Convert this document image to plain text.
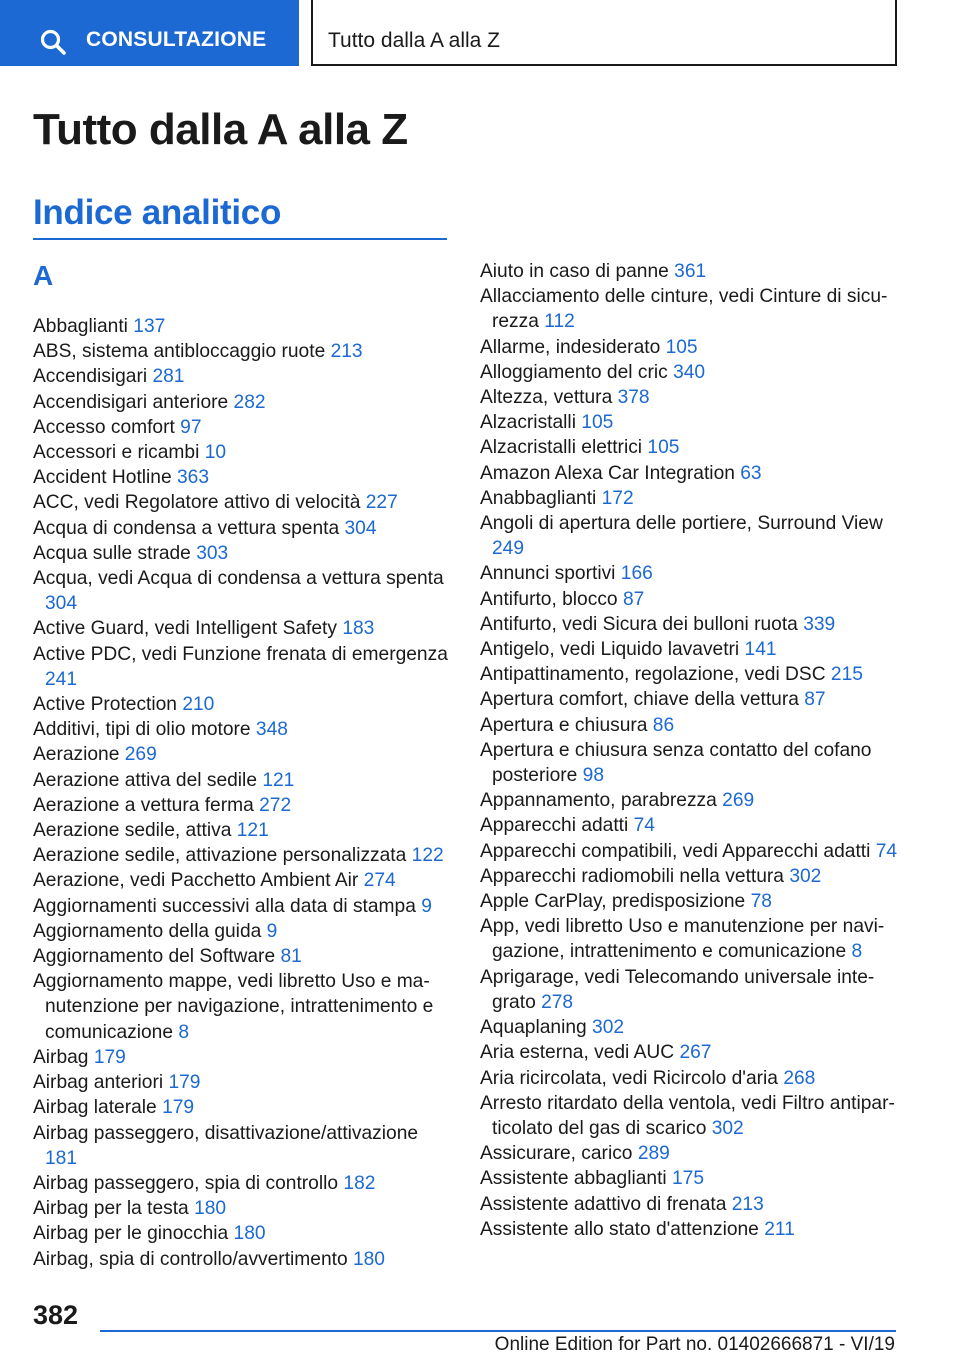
CONSULTAZIONE	Tutto dalla A alla Z
Tutto dalla A alla Z
Indice analitico
A

Abbaglianti 137

ABS, sistema antibloccaggio ruote 213

Accendisigari 281

Accendisigari anteriore 282

Accesso comfort 97

Accessori e ricambi 10

Accident Hotline 363

ACC, vedi Regolatore attivo di velocità 227

Acqua di condensa a vettura spenta 304

Acqua sulle strade 303

Acqua, vedi Acqua di condensa a vettura spenta 304

Active Guard, vedi Intelligent Safety 183

Active PDC, vedi Funzione frenata di emergenza 241

Active Protection 210

Additivi, tipi di olio motore 348

Aerazione 269

Aerazione attiva del sedile 121

Aerazione a vettura ferma 272

Aerazione sedile, attiva 121

Aerazione sedile, attivazione personalizzata 122

Aerazione, vedi Pacchetto Ambient Air 274

Aggiornamenti successivi alla data di stampa 9

Aggiornamento della guida 9

Aggiornamento del Software 81

Aggiornamento mappe, vedi libretto Uso e manutenzione per navigazione, intrattenimento e comunicazione 8

Airbag 179

Airbag anteriori 179

Airbag laterale 179

Airbag passeggero, disattivazione/attivazione 181

Airbag passeggero, spia di controllo 182

Airbag per la testa 180

Airbag per le ginocchia 180

Airbag, spia di controllo/avvertimento 180

Aiuto in caso di panne 361

Allacciamento delle cinture, vedi Cinture di sicurezza 112

Allarme, indesiderato 105

Alloggiamento del cric 340

Altezza, vettura 378

Alzacristalli 105

Alzacristalli elettrici 105

Amazon Alexa Car Integration 63

Anabbaglianti 172

Angoli di apertura delle portiere, Surround View 249

Annunci sportivi 166

Antifurto, blocco 87

Antifurto, vedi Sicura dei bulloni ruota 339

Antigelo, vedi Liquido lavavetri 141

Antipattinamento, regolazione, vedi DSC 215

Apertura comfort, chiave della vettura 87

Apertura e chiusura 86

Apertura e chiusura senza contatto del cofano posteriore 98

Appannamento, parabrezza 269

Apparecchi adatti 74

Apparecchi compatibili, vedi Apparecchi adatti 74

Apparecchi radiomobili nella vettura 302

Apple CarPlay, predisposizione 78

App, vedi libretto Uso e manutenzione per navigazione, intrattenimento e comunicazione 8

Aprigarage, vedi Telecomando universale integrato 278

Aquaplaning 302

Aria esterna, vedi AUC 267

Aria ricircolata, vedi Ricircolo d'aria 268

Arresto ritardato della ventola, vedi Filtro antiparticolato del gas di scarico 302

Assicurare, carico 289

Assistente abbaglianti 175

Assistente adattivo di frenata 213

Assistente allo stato d'attenzione 211

382
Online Edition for Part no. 01402666871 - VI/19
